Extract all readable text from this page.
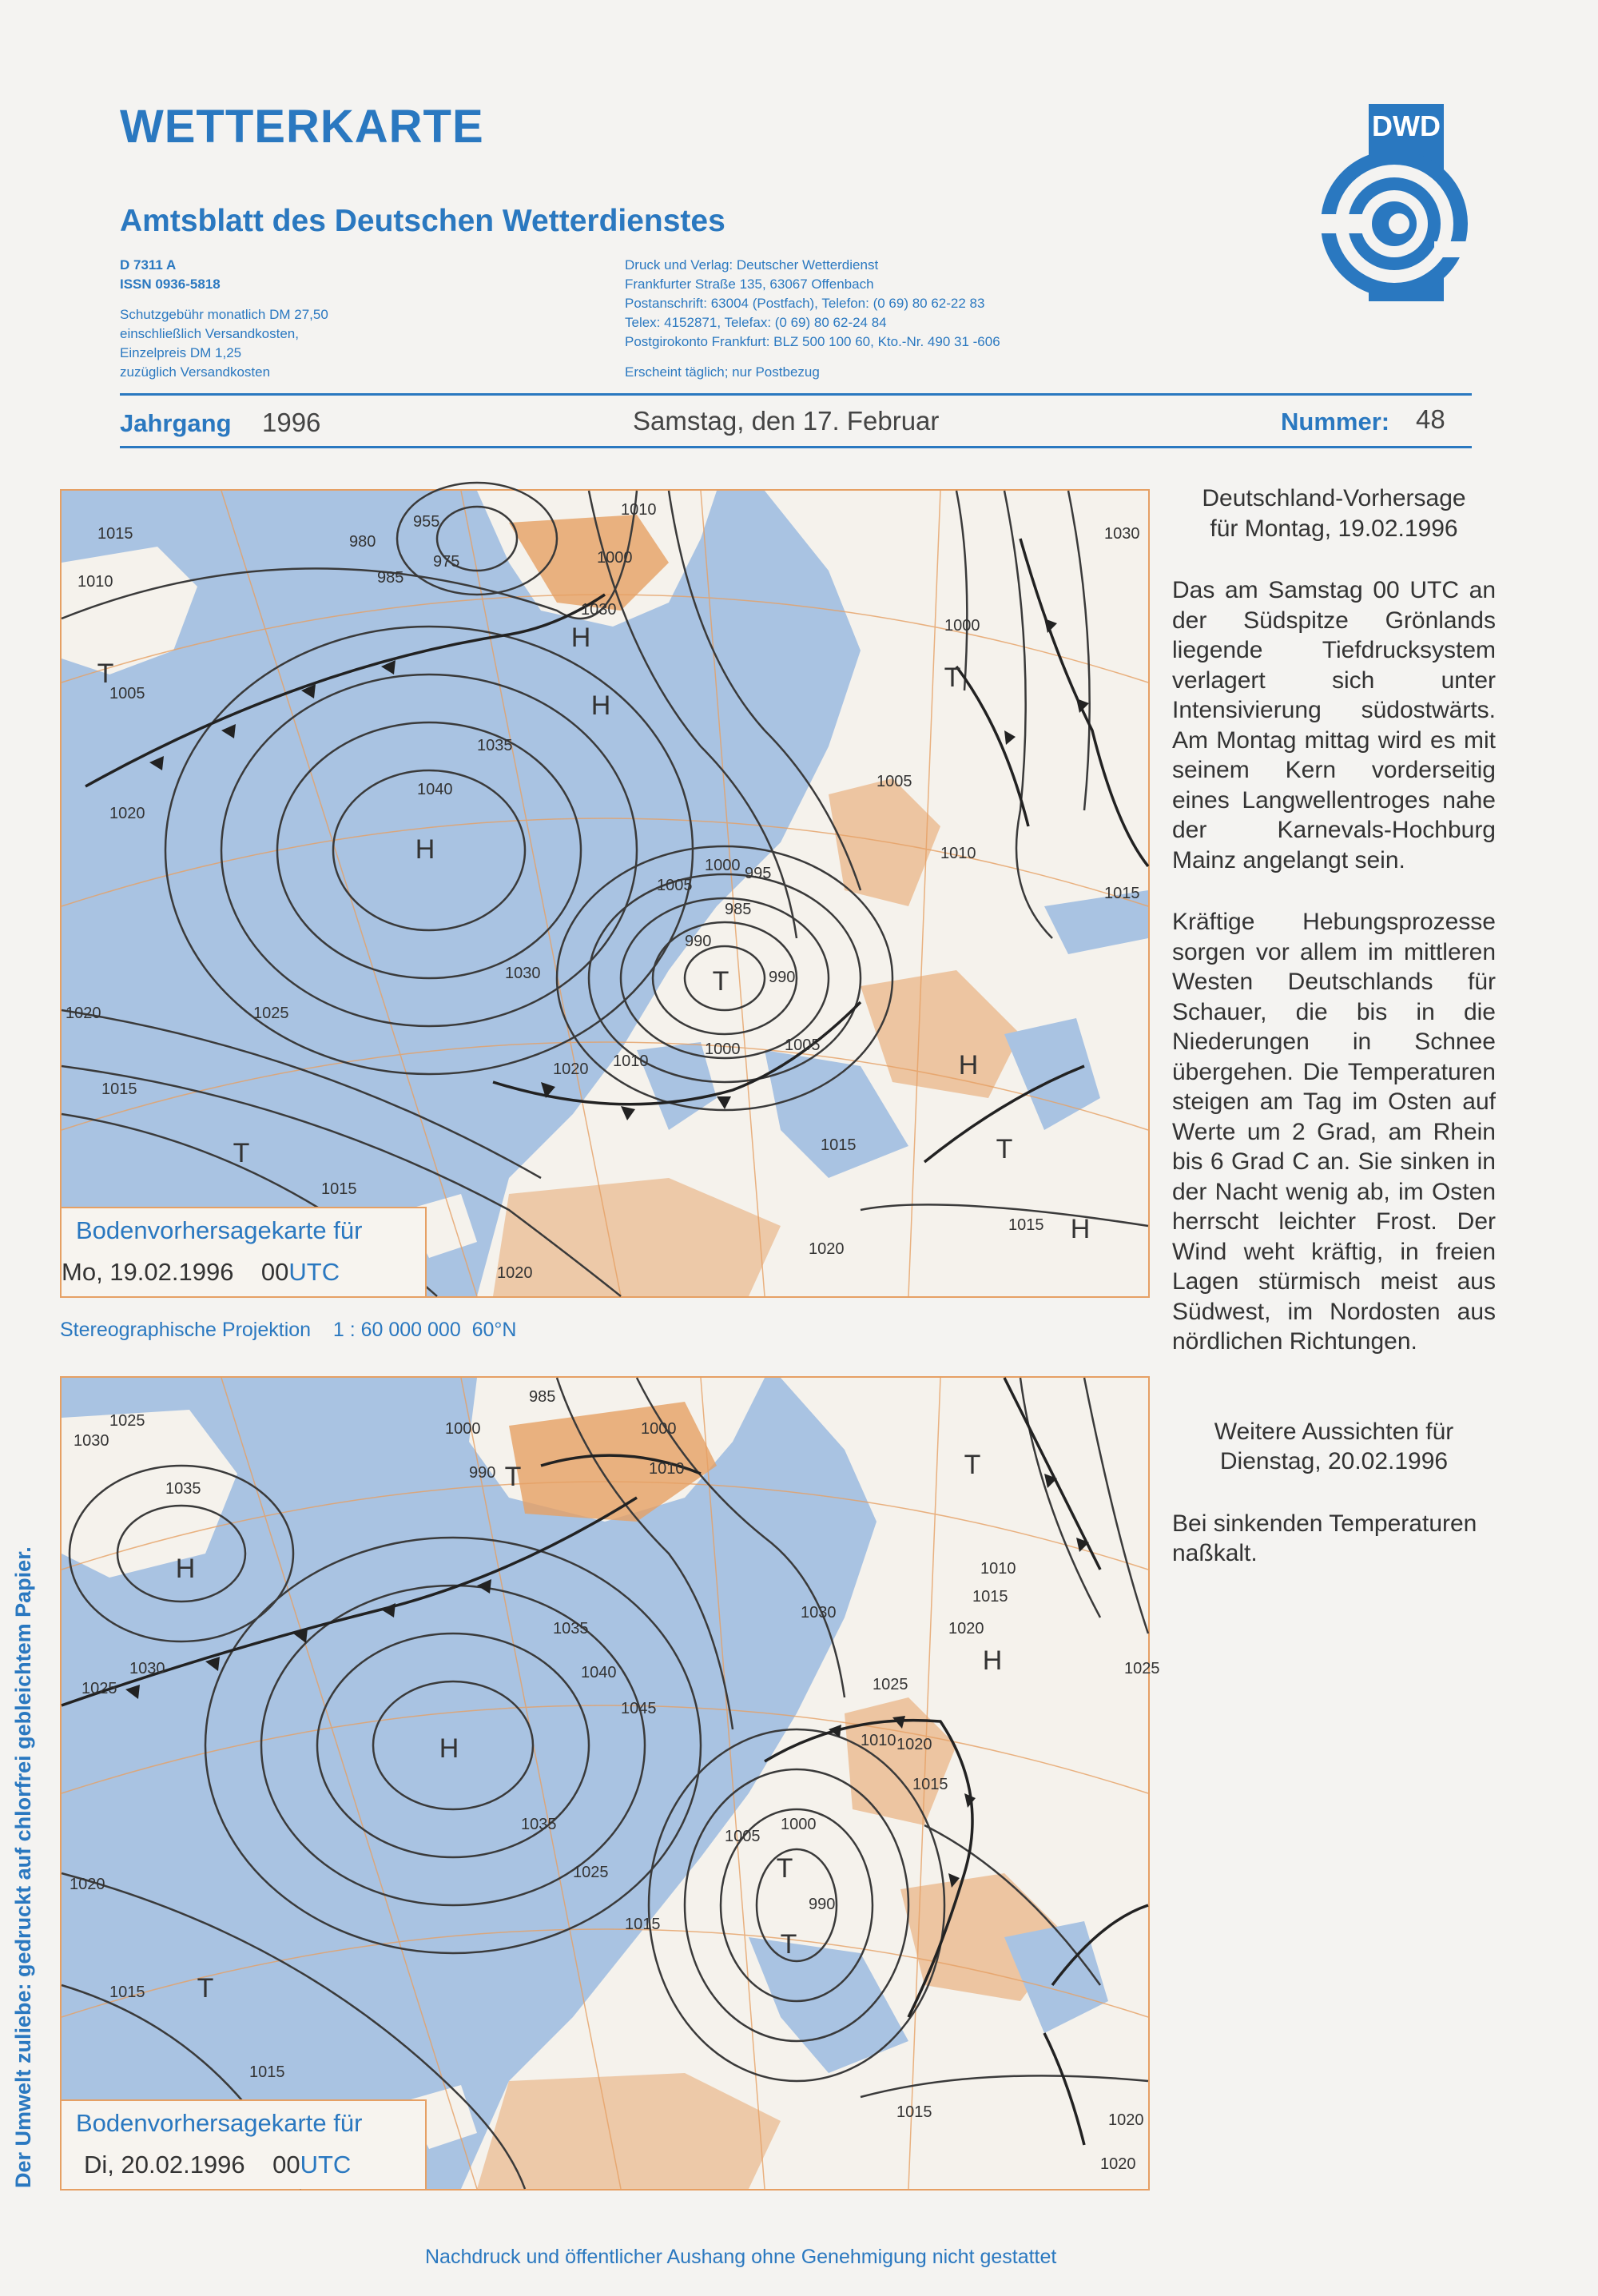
WETTERKARTE
Amtsblatt des Deutschen Wetterdienstes
D 7311 A
ISSN 0936-5818
Schutzgebühr monatlich DM 27,50
einschließlich Versandkosten,
Einzelpreis DM 1,25
zuzüglich Versandkosten
Druck und Verlag: Deutscher Wetterdienst
Frankfurter Straße 135, 63067 Offenbach
Postanschrift: 63004 (Postfach), Telefon: (0 69) 80 62-22 83
Telex: 4152871, Telefax: (0 69) 80 62-24 84
Postgirokonto Frankfurt: BLZ 500 100 60, Kto.-Nr. 490 31 -606
Erscheint täglich; nur Postbezug
DWD
Jahrgang 1996	Samstag, den 17. Februar	Nummer: 48
H
H
H
T
T
T
T
H
T
H
1015
1010
1005
1020
1035
1040
1030
1025
1015
1020
1000 995
990
985
1005
1010
1020
1000
990
1005
1015
1020
1015
1020
1015
1030
1000
955
975
985
980
1030
1010
1000
1005
1010
1015
Bodenvorhersagekarte für
Mo, 19.02.1996 00UTC
Stereographische Projektion    1 : 60 000 000  60°N
H
H
T
T
T
T
H
T
1025
1030
1035
1025
1030
1020
1015
1015
1035
1040
1045
1035
1025
1015
1005
1000
990
1010
1015
1020
1025
1030
1010
1015
1020
1025
1020
1015
1020
1000
1010
985
1000
990
Bodenvorhersagekarte für
Di, 20.02.1996 00UTC

Deutschland-Vorhersage

für Montag, 19.02.1996

Das am Samstag 00 UTC an der Südspitze Grönlands liegende Tiefdrucksystem verlagert sich unter Intensivierung südostwärts. Am Montag mittag wird es mit seinem Kern vorderseitig eines Langwellentroges nahe der Karnevals-Hochburg Mainz angelangt sein.

Kräftige Hebungsprozesse sorgen vor allem im mittleren Westen Deutschlands für Schauer, die bis in die Niederungen in Schnee übergehen. Die Temperaturen steigen am Tag im Osten auf Werte um 2 Grad, am Rhein bis 6 Grad C an. Sie sinken in der Nacht wenig ab, im Osten herrscht leichter Frost. Der Wind weht kräftig, in freien Lagen stürmisch meist aus Südwest, im Nordosten aus nördlichen Richtungen.

Weitere Aussichten für

Dienstag, 20.02.1996

Bei sinkenden Temperaturen naßkalt.

Der Umwelt zuliebe: gedruckt auf chlorfrei gebleichtem Papier.
Nachdruck und öffentlicher Aushang ohne Genehmigung nicht gestattet
